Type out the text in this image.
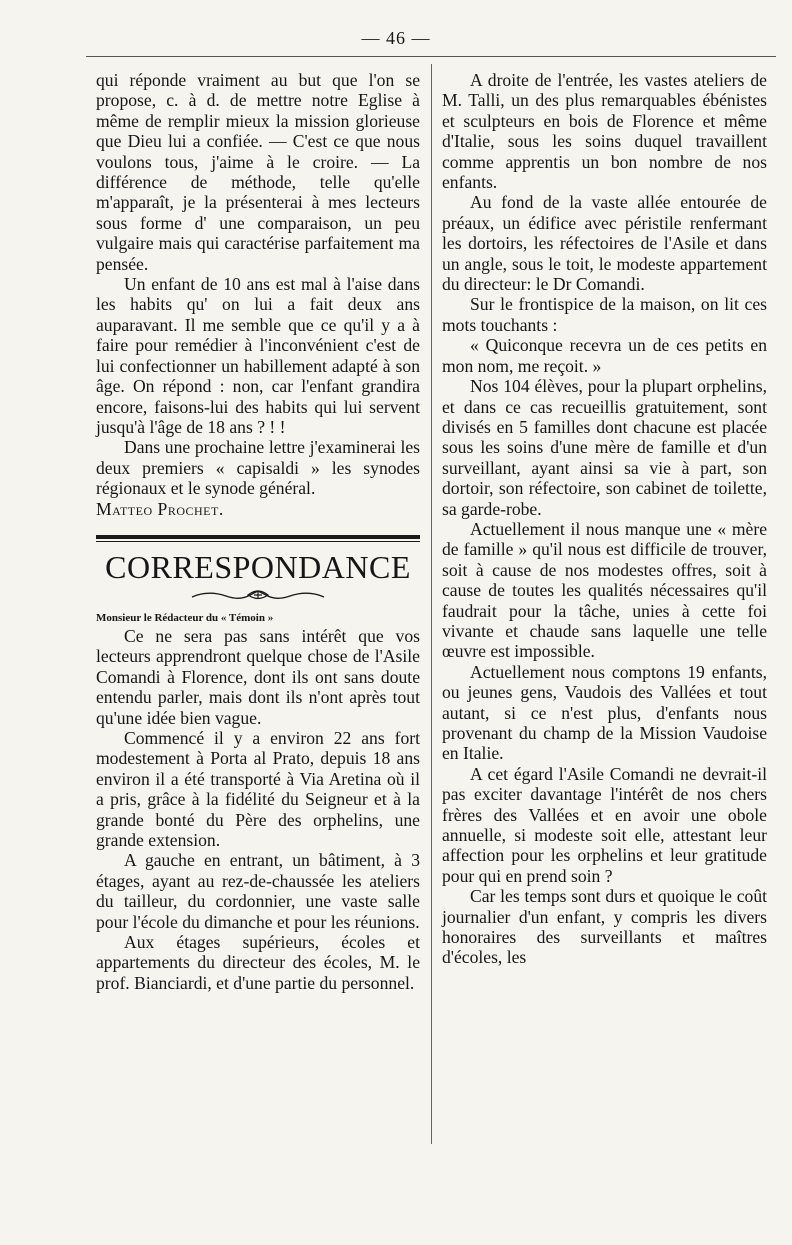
— 46 —

qui réponde vraiment au but que l'on se propose, c. à d. de mettre notre Eglise à même de remplir mieux la mission glorieuse que Dieu lui a confiée. — C'est ce que nous voulons tous, j'aime à le croire. — La différence de méthode, telle qu'elle m'apparaît, je la présenterai à mes lecteurs sous forme d' une comparaison, un peu vulgaire mais qui caractérise parfaitement ma pensée.

Un enfant de 10 ans est mal à l'aise dans les habits qu' on lui a fait deux ans auparavant. Il me semble que ce qu'il y a à faire pour remédier à l'inconvénient c'est de lui confectionner un habillement adapté à son âge. On répond : non, car l'enfant grandira encore, faisons-lui des habits qui lui servent jusqu'à l'âge de 18 ans ? ! !

Dans une prochaine lettre j'examinerai les deux premiers « capisaldi » les synodes régionaux et le synode général.

Matteo Prochet.

CORRESPONDANCE

Monsieur le Rédacteur du « Témoin »

Ce ne sera pas sans intérêt que vos lecteurs apprendront quelque chose de l'Asile Comandi à Florence, dont ils ont sans doute entendu parler, mais dont ils n'ont après tout qu'une idée bien vague.

Commencé il y a environ 22 ans fort modestement à Porta al Prato, depuis 18 ans environ il a été transporté à Via Aretina où il a pris, grâce à la fidélité du Seigneur et à la grande bonté du Père des orphelins, une grande extension.

A gauche en entrant, un bâtiment, à 3 étages, ayant au rez-de-chaussée les ateliers du tailleur, du cordonnier, une vaste salle pour l'école du dimanche et pour les réunions.

Aux étages supérieurs, écoles et appartements du directeur des écoles, M. le prof. Bianciardi, et d'une partie du personnel.

A droite de l'entrée, les vastes ateliers de M. Talli, un des plus remarquables ébénistes et sculpteurs en bois de Florence et même d'Italie, sous les soins duquel travaillent comme apprentis un bon nombre de nos enfants.

Au fond de la vaste allée entourée de préaux, un édifice avec péristile renfermant les dortoirs, les réfectoires de l'Asile et dans un angle, sous le toit, le modeste appartement du directeur: le Dr Comandi.

Sur le frontispice de la maison, on lit ces mots touchants :

« Quiconque recevra un de ces petits en mon nom, me reçoit. »

Nos 104 élèves, pour la plupart orphelins, et dans ce cas recueillis gratuitement, sont divisés en 5 familles dont chacune est placée sous les soins d'une mère de famille et d'un surveillant, ayant ainsi sa vie à part, son dortoir, son réfectoire, son cabinet de toilette, sa garde-robe.

Actuellement il nous manque une « mère de famille » qu'il nous est difficile de trouver, soit à cause de nos modestes offres, soit à cause de toutes les qualités nécessaires qu'il faudrait pour la tâche, unies à cette foi vivante et chaude sans laquelle une telle œuvre est impossible.

Actuellement nous comptons 19 enfants, ou jeunes gens, Vaudois des Vallées et tout autant, si ce n'est plus, d'enfants nous provenant du champ de la Mission Vaudoise en Italie.

A cet égard l'Asile Comandi ne devrait-il pas exciter davantage l'intérêt de nos chers frères des Vallées et en avoir une obole annuelle, si modeste soit elle, attestant leur affection pour les orphelins et leur gratitude pour qui en prend soin ?

Car les temps sont durs et quoique le coût journalier d'un enfant, y compris les divers honoraires des surveillants et maîtres d'écoles, les
